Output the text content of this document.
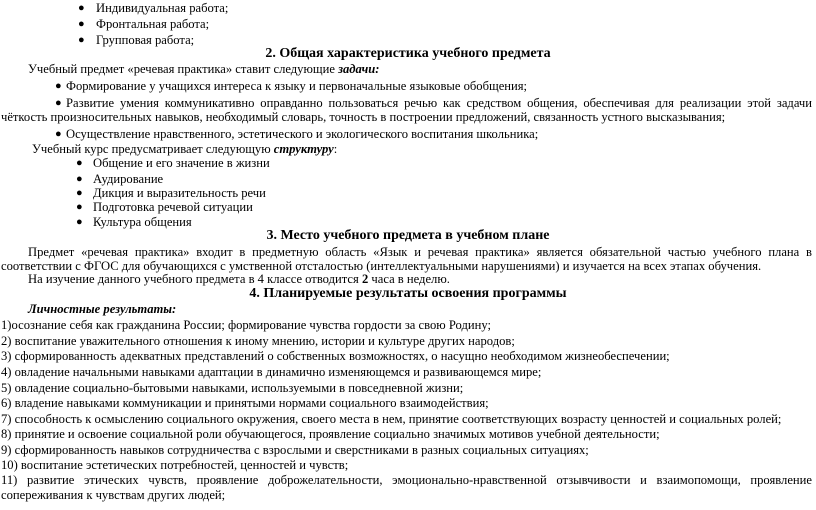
● Индивидуальная работа;
● Фронтальная работа;
● Групповая работа;
2. Общая характеристика учебного предмета
Учебный предмет «речевая практика» ставит следующие задачи:
● Формирование у учащихся интереса к языку и первоначальные языковые обобщения;
● Развитие умения коммуникативно оправданно пользоваться речью как средством общения, обеспечивая для реализации этой задачи
чёткость произносительных навыков, необходимый словарь, точность в построении предложений, связанность устного высказывания;
● Осуществление нравственного, эстетического и экологического воспитания школьника;
Учебный курс предусматривает следующую структуру:
● Общение и его значение в жизни
● Аудирование
● Дикция и выразительность речи
● Подготовка речевой ситуации
● Культура общения
3. Место учебного предмета в учебном плане
Предмет «речевая практика» входит в предметную область «Язык и речевая практика» является обязательной частью учебного плана в
соответствии с ФГОС для обучающихся с умственной отсталостью (интеллектуальными нарушениями) и изучается на всех этапах обучения.
На изучение данного учебного предмета в 4 классе отводится 2 часа в неделю.
4. Планируемые результаты освоения программы
Личностные результаты:
1)осознание себя как гражданина России; формирование чувства гордости за свою Родину;
2) воспитание уважительного отношения к иному мнению, истории и культуре других народов;
3) сформированность адекватных представлений о собственных возможностях, о насущно необходимом жизнеобеспечении;
4) овладение начальными навыками адаптации в динамично изменяющемся и развивающемся мире;
5) овладение социально-бытовыми навыками, используемыми в повседневной жизни;
6) владение навыками коммуникации и принятыми нормами социального взаимодействия;
7) способность к осмыслению социального окружения, своего места в нем, принятие соответствующих возрасту ценностей и социальных ролей;
8) принятие и освоение социальной роли обучающегося, проявление социально значимых мотивов учебной деятельности;
9) сформированность навыков сотрудничества с взрослыми и сверстниками в разных социальных ситуациях;
10) воспитание эстетических потребностей, ценностей и чувств;
11) развитие этических чувств, проявление доброжелательности, эмоционально-нравственной отзывчивости и взаимопомощи, проявление
сопереживания к чувствам других людей;
